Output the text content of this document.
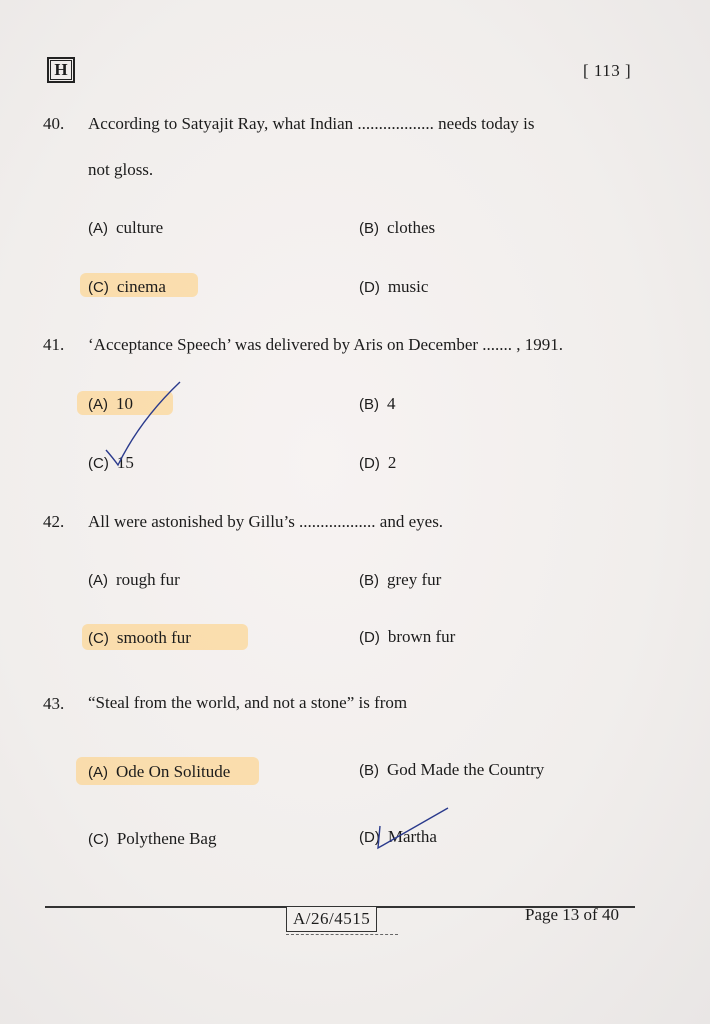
H	[ 113 ]
40. According to Satyajit Ray, what Indian .................. needs today is
not gloss.
(A) culture	(B) clothes
(C) cinema	(D) music
41. ‘Acceptance Speech’ was delivered by Aris on December ....... , 1991.
(A) 10	(B) 4
(C) 15	(D) 2
42. All were astonished by Gillu’s .................. and eyes.
(A) rough fur	(B) grey fur
(C) smooth fur	(D) brown fur
43. “Steal from the world, and not a stone” is from
(A) Ode On Solitude	(B) God Made the Country
(C) Polythene Bag	(D) Martha
A/26/4515	Page 13 of 40
